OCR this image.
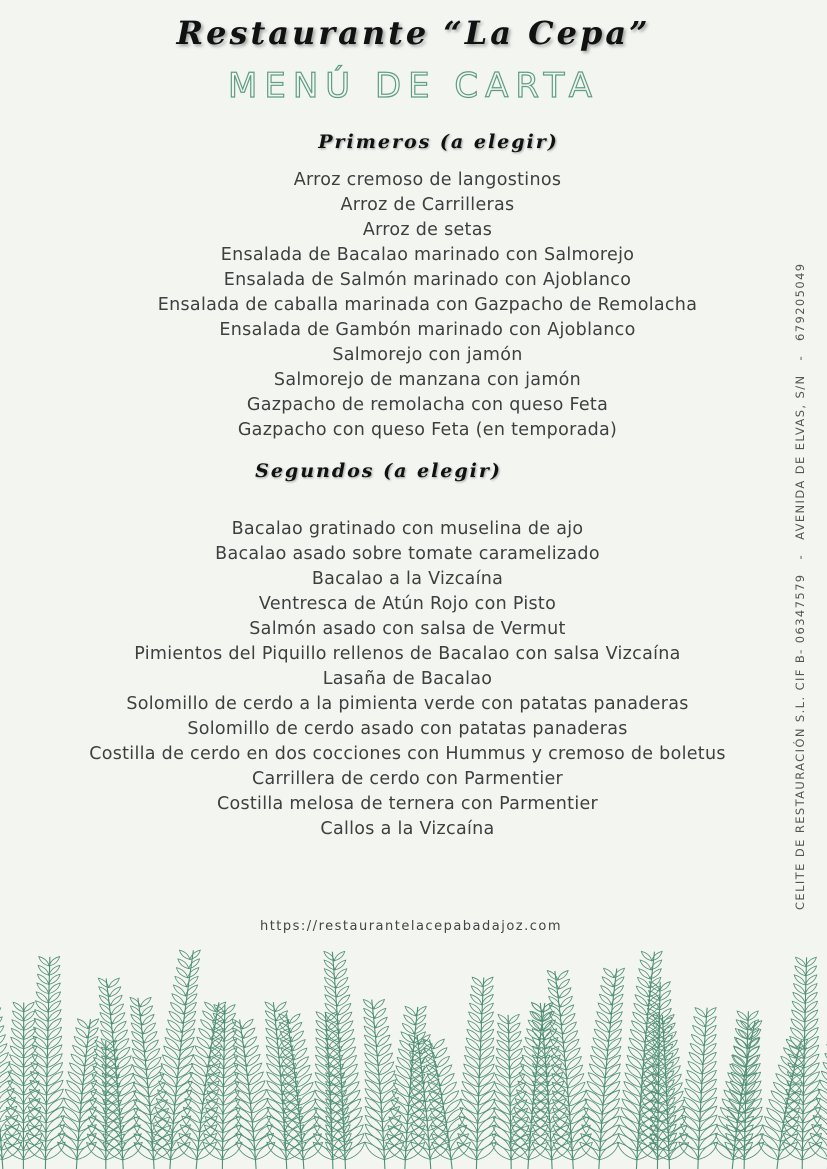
Restaurante “La Cepa”
MENÚ DE CARTA
Primeros (a elegir)
Arroz cremoso de langostinos
Arroz de Carrilleras
Arroz de setas
Ensalada de Bacalao marinado con Salmorejo
Ensalada de Salmón marinado con Ajoblanco
Ensalada de caballa marinada con Gazpacho de Remolacha
Ensalada de Gambón marinado con Ajoblanco
Salmorejo con jamón
Salmorejo de manzana con jamón
Gazpacho de remolacha con queso Feta
Gazpacho con queso Feta (en temporada)
Segundos (a elegir)
Bacalao gratinado con muselina de ajo
Bacalao asado sobre tomate caramelizado
Bacalao a la Vizcaína
Ventresca de Atún Rojo con Pisto
Salmón asado con salsa de Vermut
Pimientos del Piquillo rellenos de Bacalao con salsa Vizcaína
Lasaña de Bacalao
Solomillo de cerdo a la pimienta verde con patatas panaderas
Solomillo de cerdo asado con patatas panaderas
Costilla de cerdo en dos cocciones con Hummus y cremoso de boletus
Carrillera de cerdo con Parmentier
Costilla melosa de ternera con Parmentier
Callos a la Vizcaína
https://restaurantelacepabadajoz.com
CELITE DE RESTAURACIÓN S.L. CIF B- 06347579-AVENIDA DE ELVAS, S/N-679205049
